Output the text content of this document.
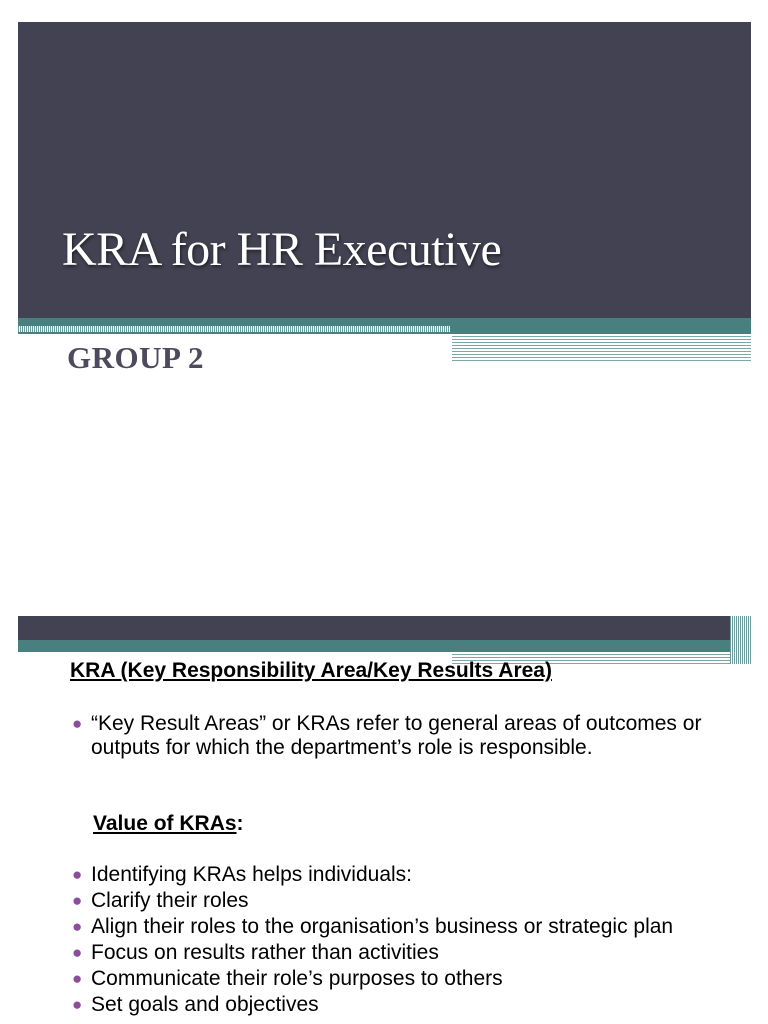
KRA for HR Executive
GROUP 2
KRA (Key Responsibility Area/Key Results Area)
● “Key Result Areas” or KRAs refer to general areas of outcomes or outputs for which the department’s role is responsible.
Value of KRAs:
● Identifying KRAs helps individuals:
● Clarify their roles
● Align their roles to the organisation’s business or strategic plan
● Focus on results rather than activities
● Communicate their role’s purposes to others
● Set goals and objectives
